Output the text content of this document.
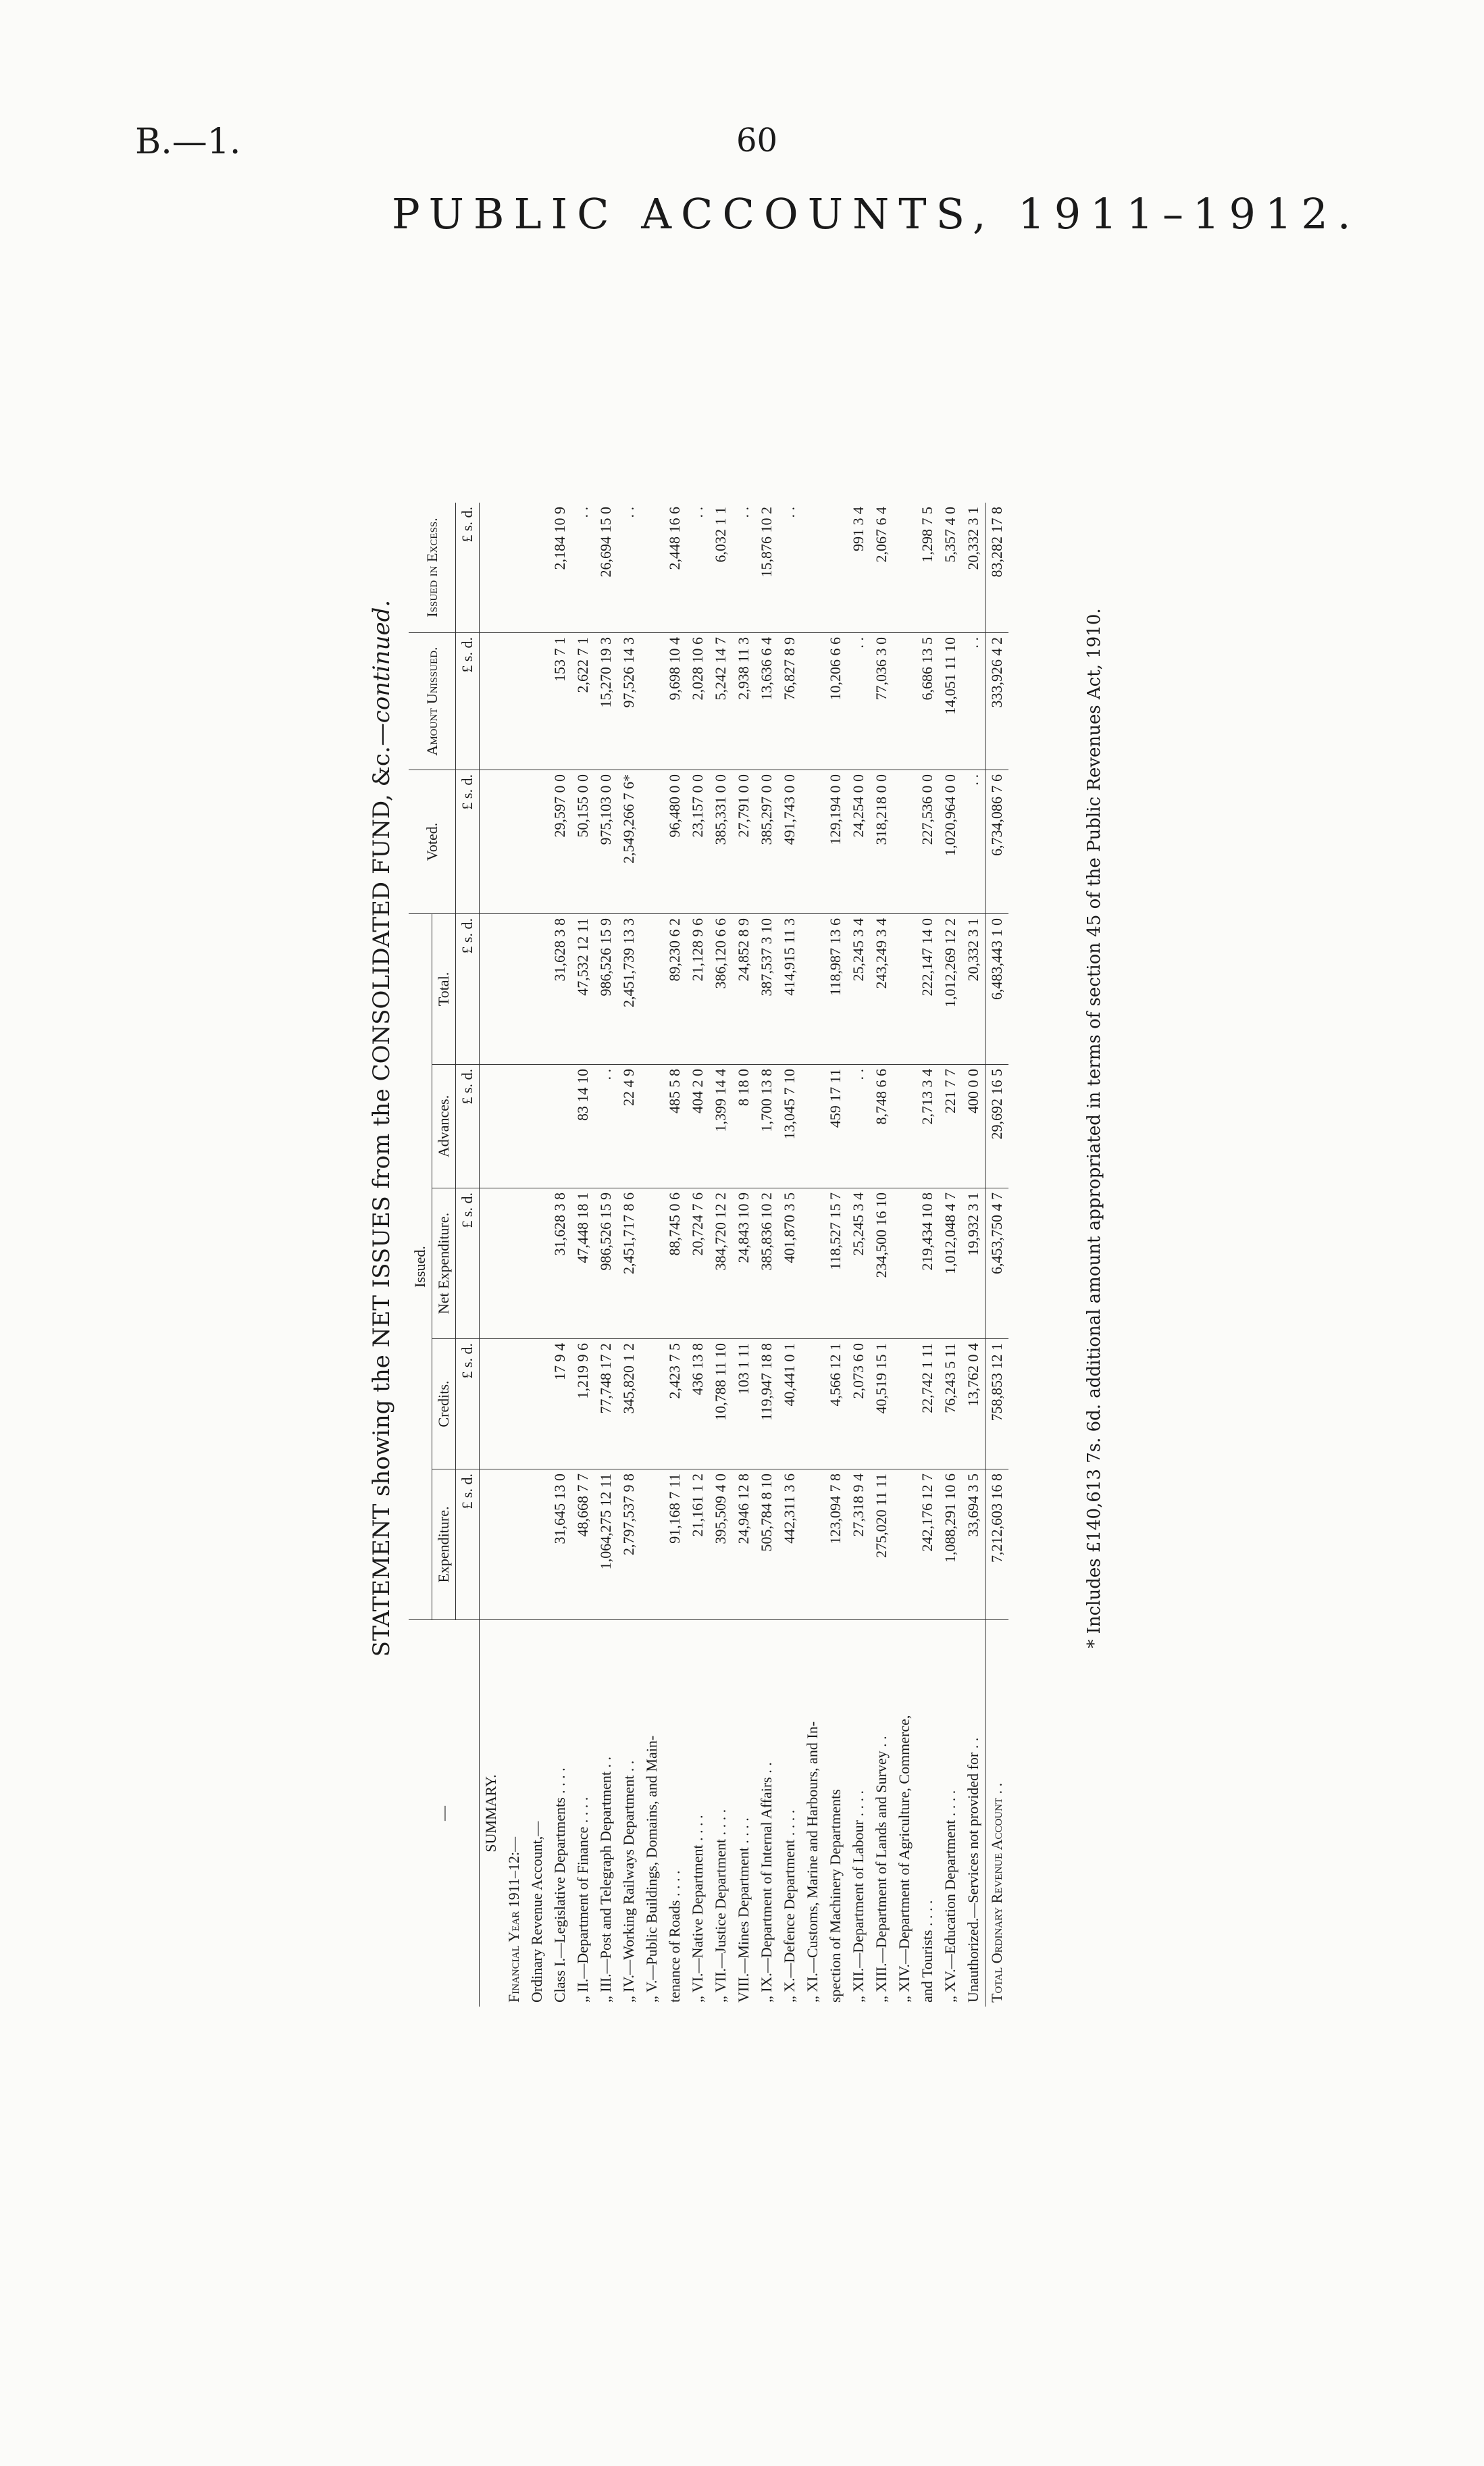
B.—1.	60
PUBLIC ACCOUNTS, 1911–1912.
STATEMENT showing the NET ISSUES from the CONSOLIDATED FUND, &c.—continued.
—	Issued.					Voted.	Amount Unissued.	Issued in Excess.
	Expenditure.	Credits.	Net Expenditure.	Advances.	Total.			
	£ s. d.	£ s. d.	£ s. d.	£ s. d.	£ s. d.	£ s. d.	£ s. d.	£ s. d.
SUMMARY.								
Financial Year 1911–12:—								
Ordinary Revenue Account,—								
Class I.—Legislative Departments . . . .	31,645 13 0	17 9 4	31,628 3 8		31,628 3 8	29,597 0 0	153 7 1	2,184 10 9
„ II.—Department of Finance . . . .	48,668 7 7	1,219 9 6	47,448 18 1	83 14 10	47,532 12 11	50,155 0 0	2,622 7 1	. .
„ III.—Post and Telegraph Department . .	1,064,275 12 11	77,748 17 2	986,526 15 9	. .	986,526 15 9	975,103 0 0	15,270 19 3	26,694 15 0
„ IV.—Working Railways Department . .	2,797,537 9 8	345,820 1 2	2,451,717 8 6	22 4 9	2,451,739 13 3	2,549,266 7 6*	97,526 14 3	. .
„ V.—Public Buildings, Domains, and Main-								
tenance of Roads . . . .	91,168 7 11	2,423 7 5	88,745 0 6	485 5 8	89,230 6 2	96,480 0 0	9,698 10 4	2,448 16 6
„ VI.—Native Department . . . .	21,161 1 2	436 13 8	20,724 7 6	404 2 0	21,128 9 6	23,157 0 0	2,028 10 6	. .
„ VII.—Justice Department . . . .	395,509 4 0	10,788 11 10	384,720 12 2	1,399 14 4	386,120 6 6	385,331 0 0	5,242 14 7	6,032 1 1
VIII.—Mines Department . . . .	24,946 12 8	103 1 11	24,843 10 9	8 18 0	24,852 8 9	27,791 0 0	2,938 11 3	. .
„ IX.—Department of Internal Affairs . .	505,784 8 10	119,947 18 8	385,836 10 2	1,700 13 8	387,537 3 10	385,297 0 0	13,636 6 4	15,876 10 2
„ X.—Defence Department . . . .	442,311 3 6	40,441 0 1	401,870 3 5	13,045 7 10	414,915 11 3	491,743 0 0	76,827 8 9	. .
„ XI.—Customs, Marine and Harbours, and In-								
spection of Machinery Departments	123,094 7 8	4,566 12 1	118,527 15 7	459 17 11	118,987 13 6	129,194 0 0	10,206 6 6	
„ XII.—Department of Labour . . . .	27,318 9 4	2,073 6 0	25,245 3 4	. .	25,245 3 4	24,254 0 0	. .	991 3 4
„ XIII.—Department of Lands and Survey . .	275,020 11 11	40,519 15 1	234,500 16 10	8,748 6 6	243,249 3 4	318,218 0 0	77,036 3 0	2,067 6 4
„ XIV.—Department of Agriculture, Commerce,								
and Tourists . . . .	242,176 12 7	22,742 1 11	219,434 10 8	2,713 3 4	222,147 14 0	227,536 0 0	6,686 13 5	1,298 7 5
„ XV.—Education Department . . . .	1,088,291 10 6	76,243 5 11	1,012,048 4 7	221 7 7	1,012,269 12 2	1,020,964 0 0	14,051 11 10	5,357 4 0
Unauthorized.—Services not provided for . .	33,694 3 5	13,762 0 4	19,932 3 1	400 0 0	20,332 3 1	. .	. .	20,332 3 1
Total Ordinary Revenue Account . .	7,212,603 16 8	758,853 12 1	6,453,750 4 7	29,692 16 5	6,483,443 1 0	6,734,086 7 6	333,926 4 2	83,282 17 8
* Includes £140,613 7s. 6d. additional amount appropriated in terms of section 45 of the Public Revenues Act, 1910.
